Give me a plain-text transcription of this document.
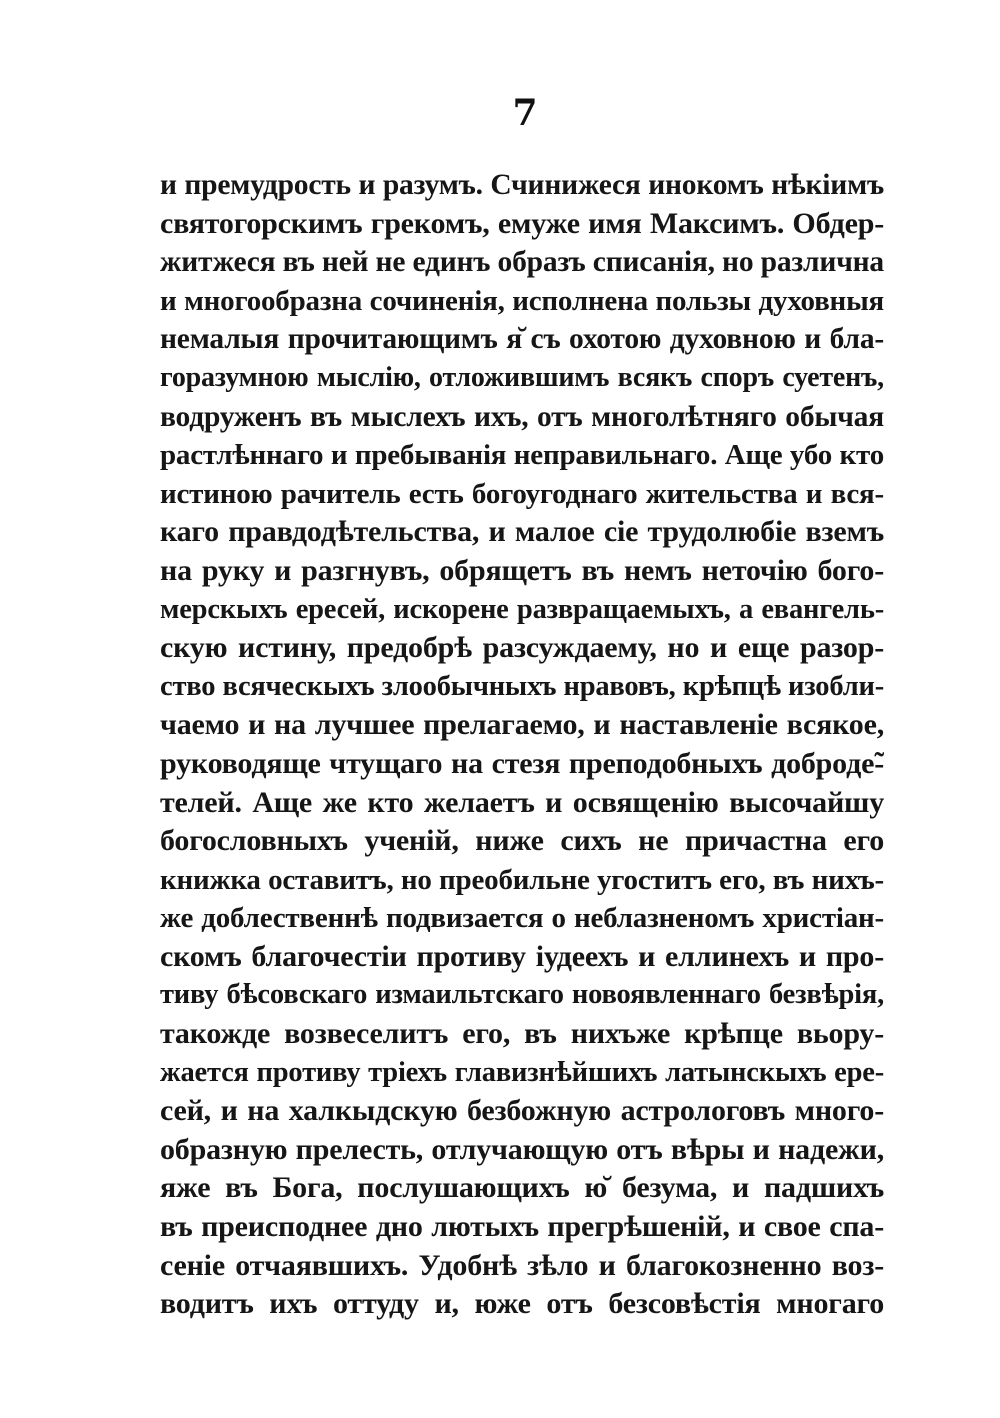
7
и премудрость и разумъ. Счинижеся инокомъ нѣкіимъ
святогорскимъ грекомъ, емуже имя Максимъ. Обдер-
житжеся въ ней не единъ образъ списанія, но различна
и многообразна сочиненія, исполнена пользы духовныя
немалыя прочитающимъ я̆ съ охотою духовною и бла-
горазумною мыслію, отложившимъ всякъ споръ суетенъ,
водруженъ въ мыслехъ ихъ, отъ многолѣтняго обычая
растлѣннаго и пребыванія неправильнаго. Аще убо кто
истиною рачитель есть богоугоднаго жительства и вся-
каго правдодѣтельства, и малое сіе трудолюбіе вземъ
на руку и разгнувъ, обрящетъ въ немъ неточію бого-
мерскыхъ ересей, искорене развращаемыхъ, а евангель-
скую истину, предобрѣ разсуждаему, но и еще разор-
ство всяческыхъ злообычныхъ нравовъ, крѣпцѣ изобли-
чаемо и на лучшее прелагаемо, и наставленіе всякое,
руководяще чтущаго на стезя преподобныхъ доброде̃-
телей. Аще же кто желаетъ и освященію высочайшу
богословныхъ ученій, ниже сихъ не причастна его
книжка оставитъ, но преобильне угоститъ его, въ нихъ-
же доблественнѣ подвизается о неблазненомъ христіан-
скомъ благочестіи противу іудеехъ и еллинехъ и про-
тиву бѣсовскаго измаильтскаго новоявленнаго безвѣрія,
такожде возвеселитъ его, въ нихъже крѣпце вьору-
жается противу тріехъ главизнѣйшихъ латынскыхъ ере-
сей, и на халкыдскую безбожную астрологовъ много-
образную прелесть, отлучающую отъ вѣры и надежи,
яже въ Бога, послушающихъ ю̆ безума, и падшихъ
въ преисподнее дно лютыхъ прегрѣшеній, и свое спа-
сеніе отчаявшихъ. Удобнѣ зѣло и благокозненно воз-
водитъ ихъ оттуду и, юже отъ безсовѣстія многаго
